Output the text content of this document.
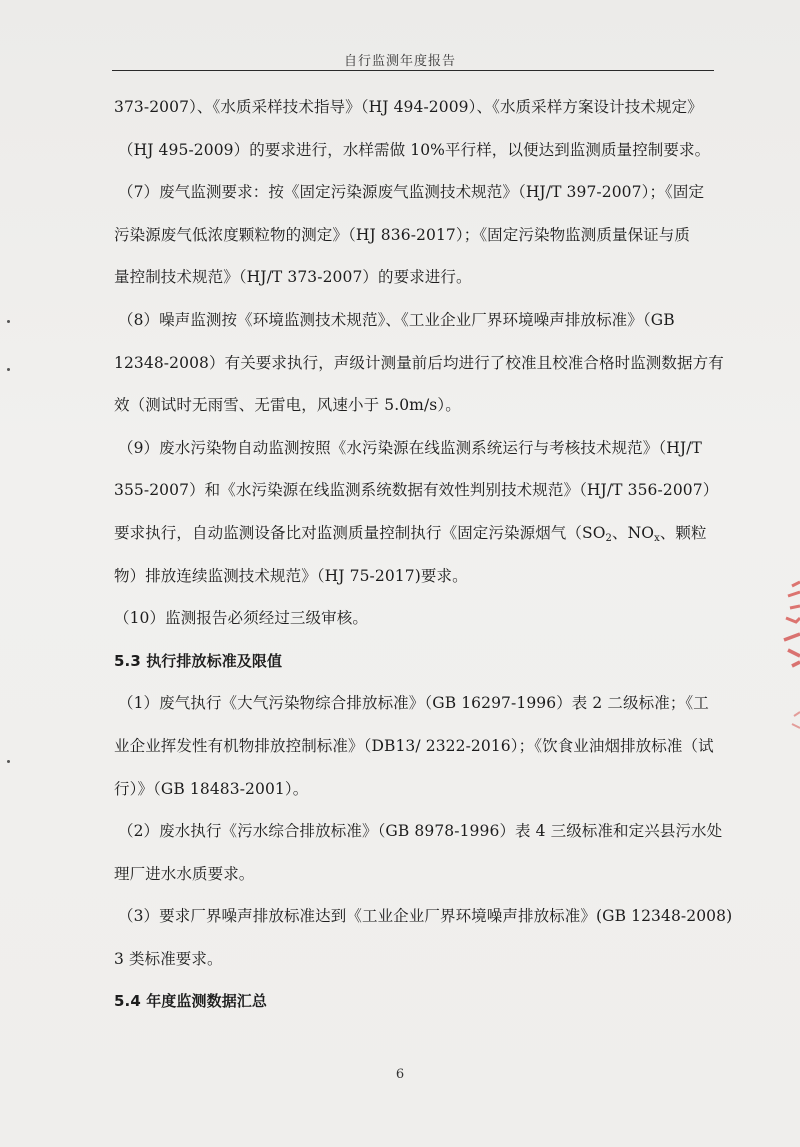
自行监测年度报告
373-2007）、《水质采样技术指导》（HJ 494-2009）、《水质采样方案设计技术规定》
（HJ 495-2009）的要求进行，水样需做 10%平行样，以便达到监测质量控制要求。
（7）废气监测要求：按《固定污染源废气监测技术规范》（HJ/T 397-2007）；《固定
污染源废气低浓度颗粒物的测定》（HJ 836-2017）；《固定污染物监测质量保证与质
量控制技术规范》（HJ/T 373-2007）的要求进行。
（8）噪声监测按《环境监测技术规范》、《工业企业厂界环境噪声排放标准》（GB
12348-2008）有关要求执行，声级计测量前后均进行了校准且校准合格时监测数据方有
效（测试时无雨雪、无雷电，风速小于 5.0m/s）。
（9）废水污染物自动监测按照《水污染源在线监测系统运行与考核技术规范》（HJ/T
355-2007）和《水污染源在线监测系统数据有效性判别技术规范》（HJ/T 356-2007）
要求执行，自动监测设备比对监测质量控制执行《固定污染源烟气（$SO_2$、$NO_x$、颗粒
物）排放连续监测技术规范》（HJ 75-2017)要求。
（10）监测报告必须经过三级审核。
5.3 执行排放标准及限值
（1）废气执行《大气污染物综合排放标准》（GB 16297-1996）表 2 二级标准；《工
业企业挥发性有机物排放控制标准》（DB13/ 2322-2016）；《饮食业油烟排放标准（试
行）》（GB 18483-2001）。
（2）废水执行《污水综合排放标准》（GB 8978-1996）表 4 三级标准和定兴县污水处
理厂进水水质要求。
（3）要求厂界噪声排放标准达到《工业企业厂界环境噪声排放标准》(GB 12348-2008)
3 类标准要求。
5.4 年度监测数据汇总
6
